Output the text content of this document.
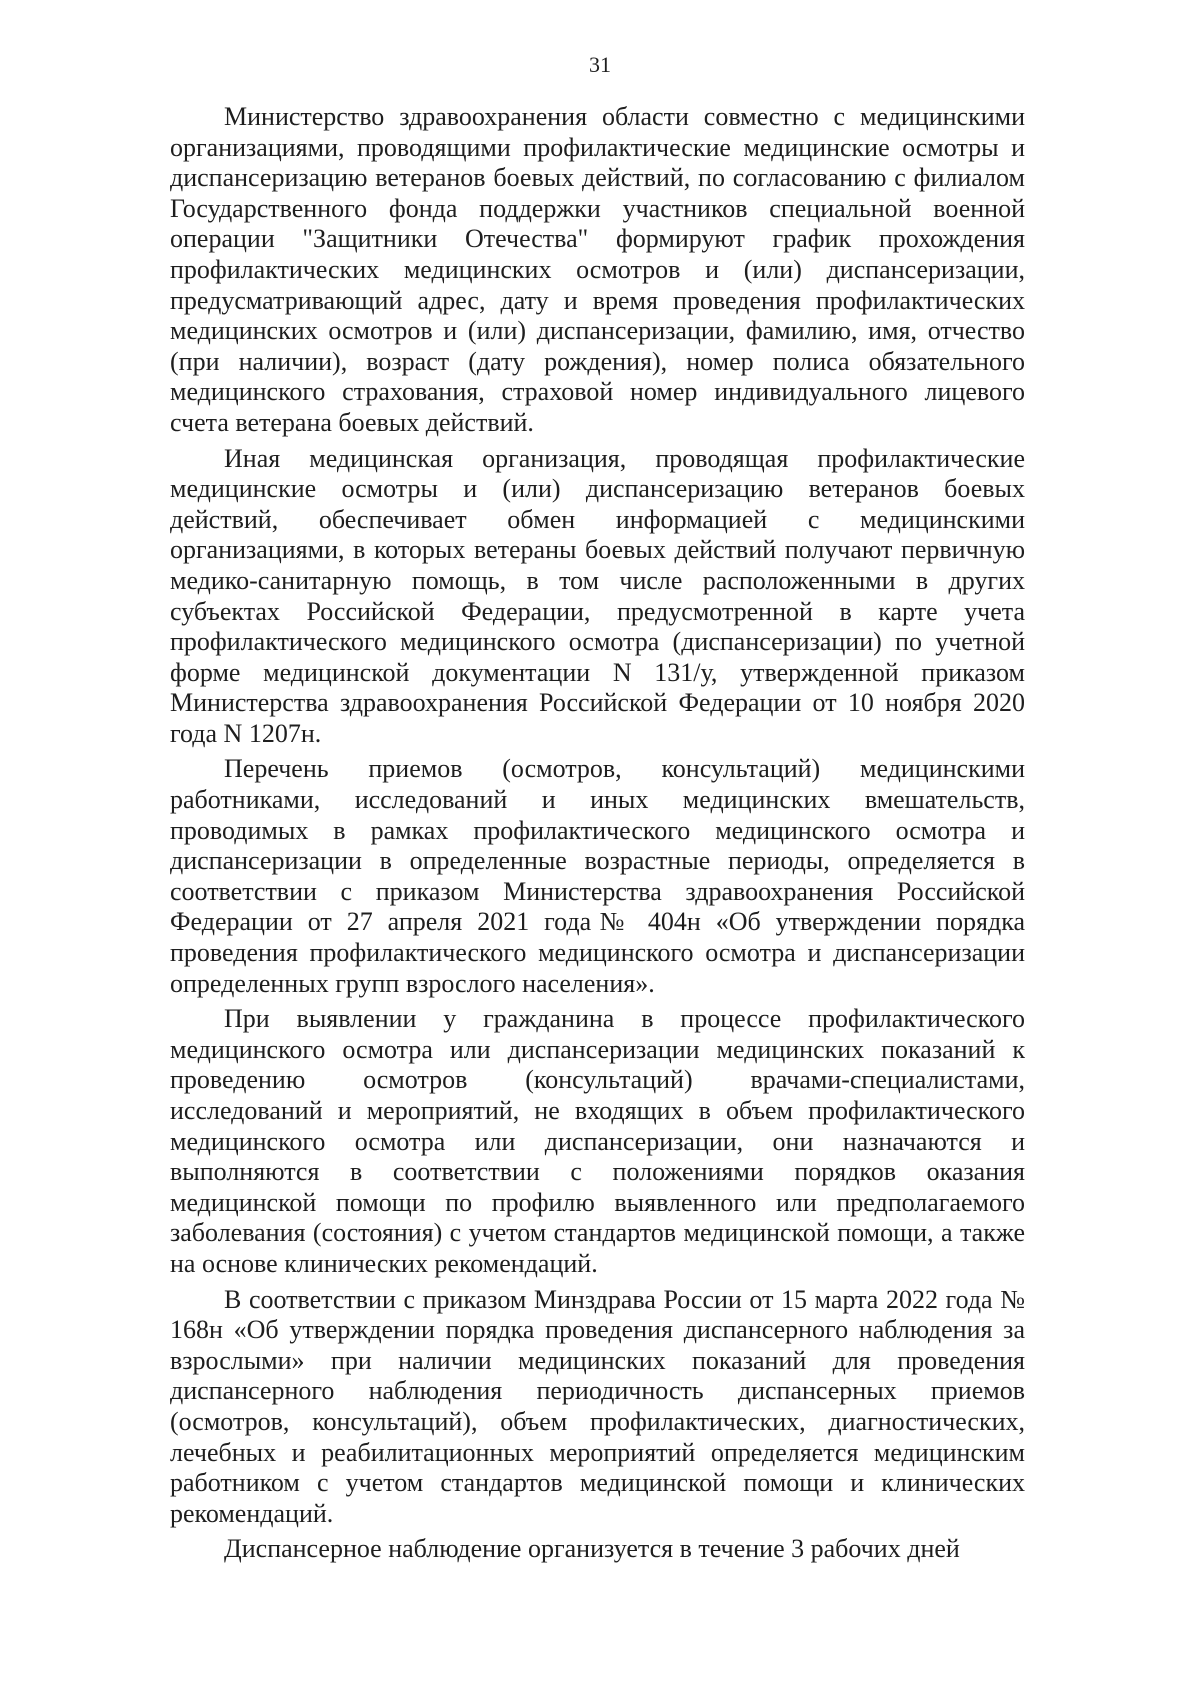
31

Министерство здравоохранения области совместно с медицинскими организациями, проводящими профилактические медицинские осмотры и диспансеризацию ветеранов боевых действий, по согласованию с филиалом Государственного фонда поддержки участников специальной военной операции "Защитники Отечества" формируют график прохождения профилактических медицинских осмотров и (или) диспансеризации, предусматривающий адрес, дату и время проведения профилактических медицинских осмотров и (или) диспансеризации, фамилию, имя, отчество (при наличии), возраст (дату рождения), номер полиса обязательного медицинского страхования, страховой номер индивидуального лицевого счета ветерана боевых действий.

Иная медицинская организация, проводящая профилактические медицинские осмотры и (или) диспансеризацию ветеранов боевых действий, обеспечивает обмен информацией с медицинскими организациями, в которых ветераны боевых действий получают первичную медико-санитарную помощь, в том числе расположенными в других субъектах Российской Федерации, предусмотренной в карте учета профилактического медицинского осмотра (диспансеризации) по учетной форме медицинской документации N 131/у, утвержденной приказом Министерства здравоохранения Российской Федерации от 10 ноября 2020 года N 1207н.

Перечень приемов (осмотров, консультаций) медицинскими работниками, исследований и иных медицинских вмешательств, проводимых в рамках профилактического медицинского осмотра и диспансеризации в определенные возрастные периоды, определяется в соответствии с приказом Министерства здравоохранения Российской Федерации от 27 апреля 2021 года№ 404н «Об утверждении порядка проведения профилактического медицинского осмотра и диспансеризации определенных групп взрослого населения».

При выявлении у гражданина в процессе профилактического медицинского осмотра или диспансеризации медицинских показаний к проведению осмотров (консультаций) врачами-специалистами, исследований и мероприятий, не входящих в объем профилактического медицинского осмотра или диспансеризации, они назначаются и выполняются в соответствии с положениями порядков оказания медицинской помощи по профилю выявленного или предполагаемого заболевания (состояния) с учетом стандартов медицинской помощи, а также на основе клинических рекомендаций.

В соответствии с приказом Минздрава России от 15 марта 2022 года № 168н «Об утверждении порядка проведения диспансерного наблюдения за взрослыми» при наличии медицинских показаний для проведения диспансерного наблюдения периодичность диспансерных приемов (осмотров, консультаций), объем профилактических, диагностических, лечебных и реабилитационных мероприятий определяется медицинским работником с учетом стандартов медицинской помощи и клинических рекомендаций.

Диспансерное наблюдение организуется в течение 3 рабочих дней
